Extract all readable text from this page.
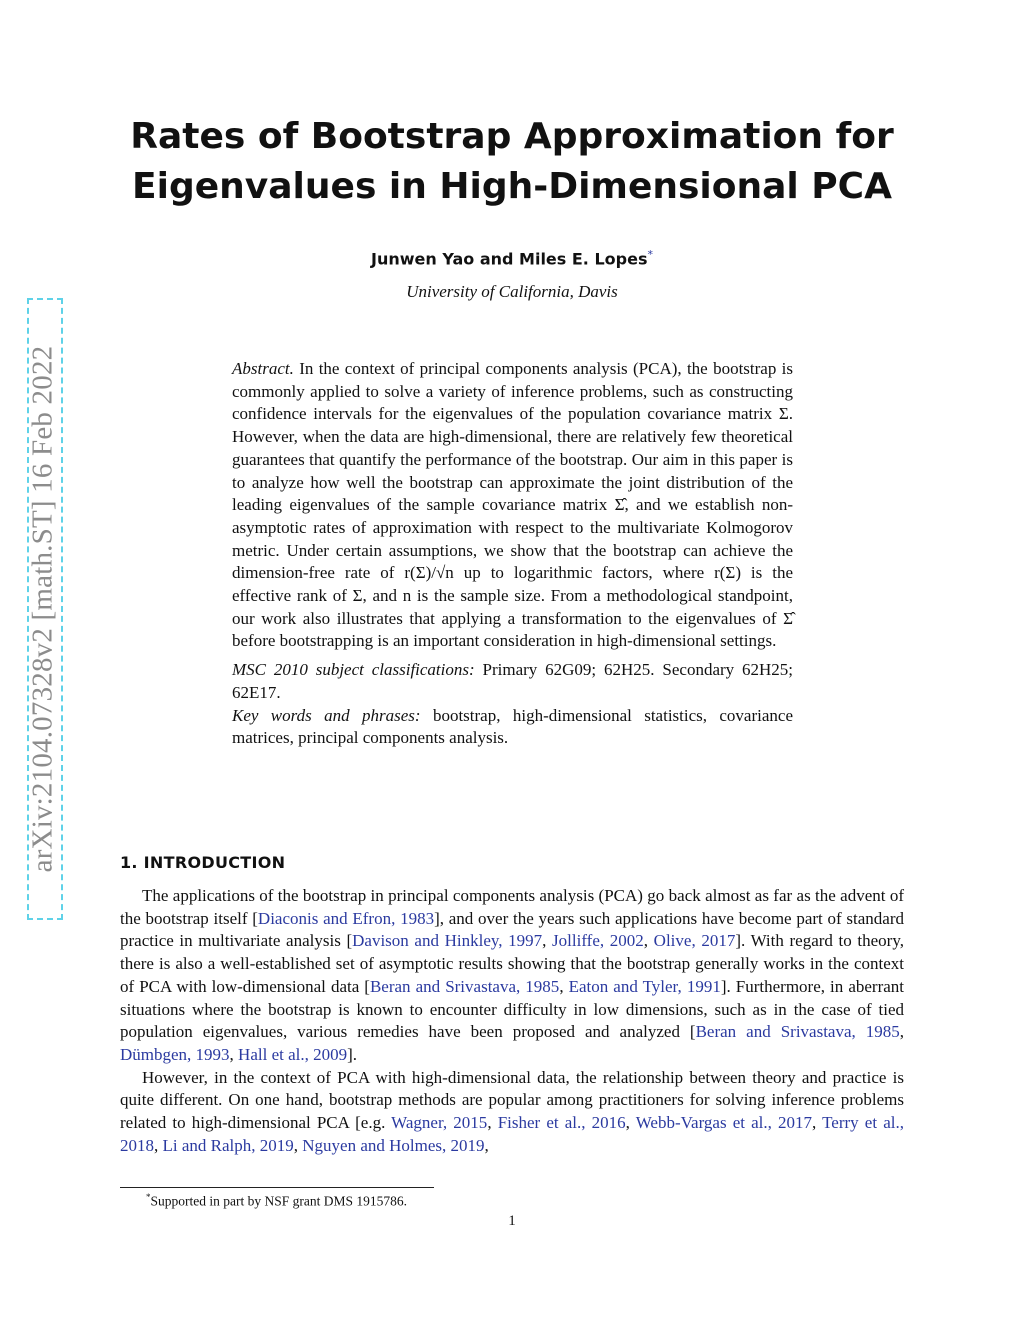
arXiv:2104.07328v2 [math.ST] 16 Feb 2022
Rates of Bootstrap Approximation for
Eigenvalues in High-Dimensional PCA
Junwen Yao and Miles E. Lopes*
University of California, Davis

Abstract. In the context of principal components analysis (PCA), the bootstrap is commonly applied to solve a variety of inference problems, such as constructing confidence intervals for the eigenvalues of the population covariance matrix Σ. However, when the data are high-dimensional, there are relatively few theoretical guarantees that quantify the performance of the bootstrap. Our aim in this paper is to analyze how well the bootstrap can approximate the joint distribution of the leading eigenvalues of the sample covariance matrix Σ̂, and we establish non-asymptotic rates of approximation with respect to the multivariate Kolmogorov metric. Under certain assumptions, we show that the bootstrap can achieve the dimension-free rate of r(Σ)/√n up to logarithmic factors, where r(Σ) is the effective rank of Σ, and n is the sample size. From a methodological standpoint, our work also illustrates that applying a transformation to the eigenvalues of Σ̂ before bootstrapping is an important consideration in high-dimensional settings.

MSC 2010 subject classifications: Primary 62G09; 62H25. Secondary 62H25; 62E17.

Key words and phrases: bootstrap, high-dimensional statistics, covariance matrices, principal components analysis.

1. INTRODUCTION

The applications of the bootstrap in principal components analysis (PCA) go back almost as far as the advent of the bootstrap itself [Diaconis and Efron, 1983], and over the years such applications have become part of standard practice in multivariate analysis [Davison and Hinkley, 1997, Jolliffe, 2002, Olive, 2017]. With regard to theory, there is also a well-established set of asymptotic results showing that the bootstrap generally works in the context of PCA with low-dimensional data [Beran and Srivastava, 1985, Eaton and Tyler, 1991]. Furthermore, in aberrant situations where the bootstrap is known to encounter difficulty in low dimensions, such as in the case of tied population eigenvalues, various remedies have been proposed and analyzed [Beran and Srivastava, 1985, Dümbgen, 1993, Hall et al., 2009].

However, in the context of PCA with high-dimensional data, the relationship between theory and practice is quite different. On one hand, bootstrap methods are popular among practitioners for solving inference problems related to high-dimensional PCA [e.g. Wagner, 2015, Fisher et al., 2016, Webb-Vargas et al., 2017, Terry et al., 2018, Li and Ralph, 2019, Nguyen and Holmes, 2019,

*Supported in part by NSF grant DMS 1915786.
1
